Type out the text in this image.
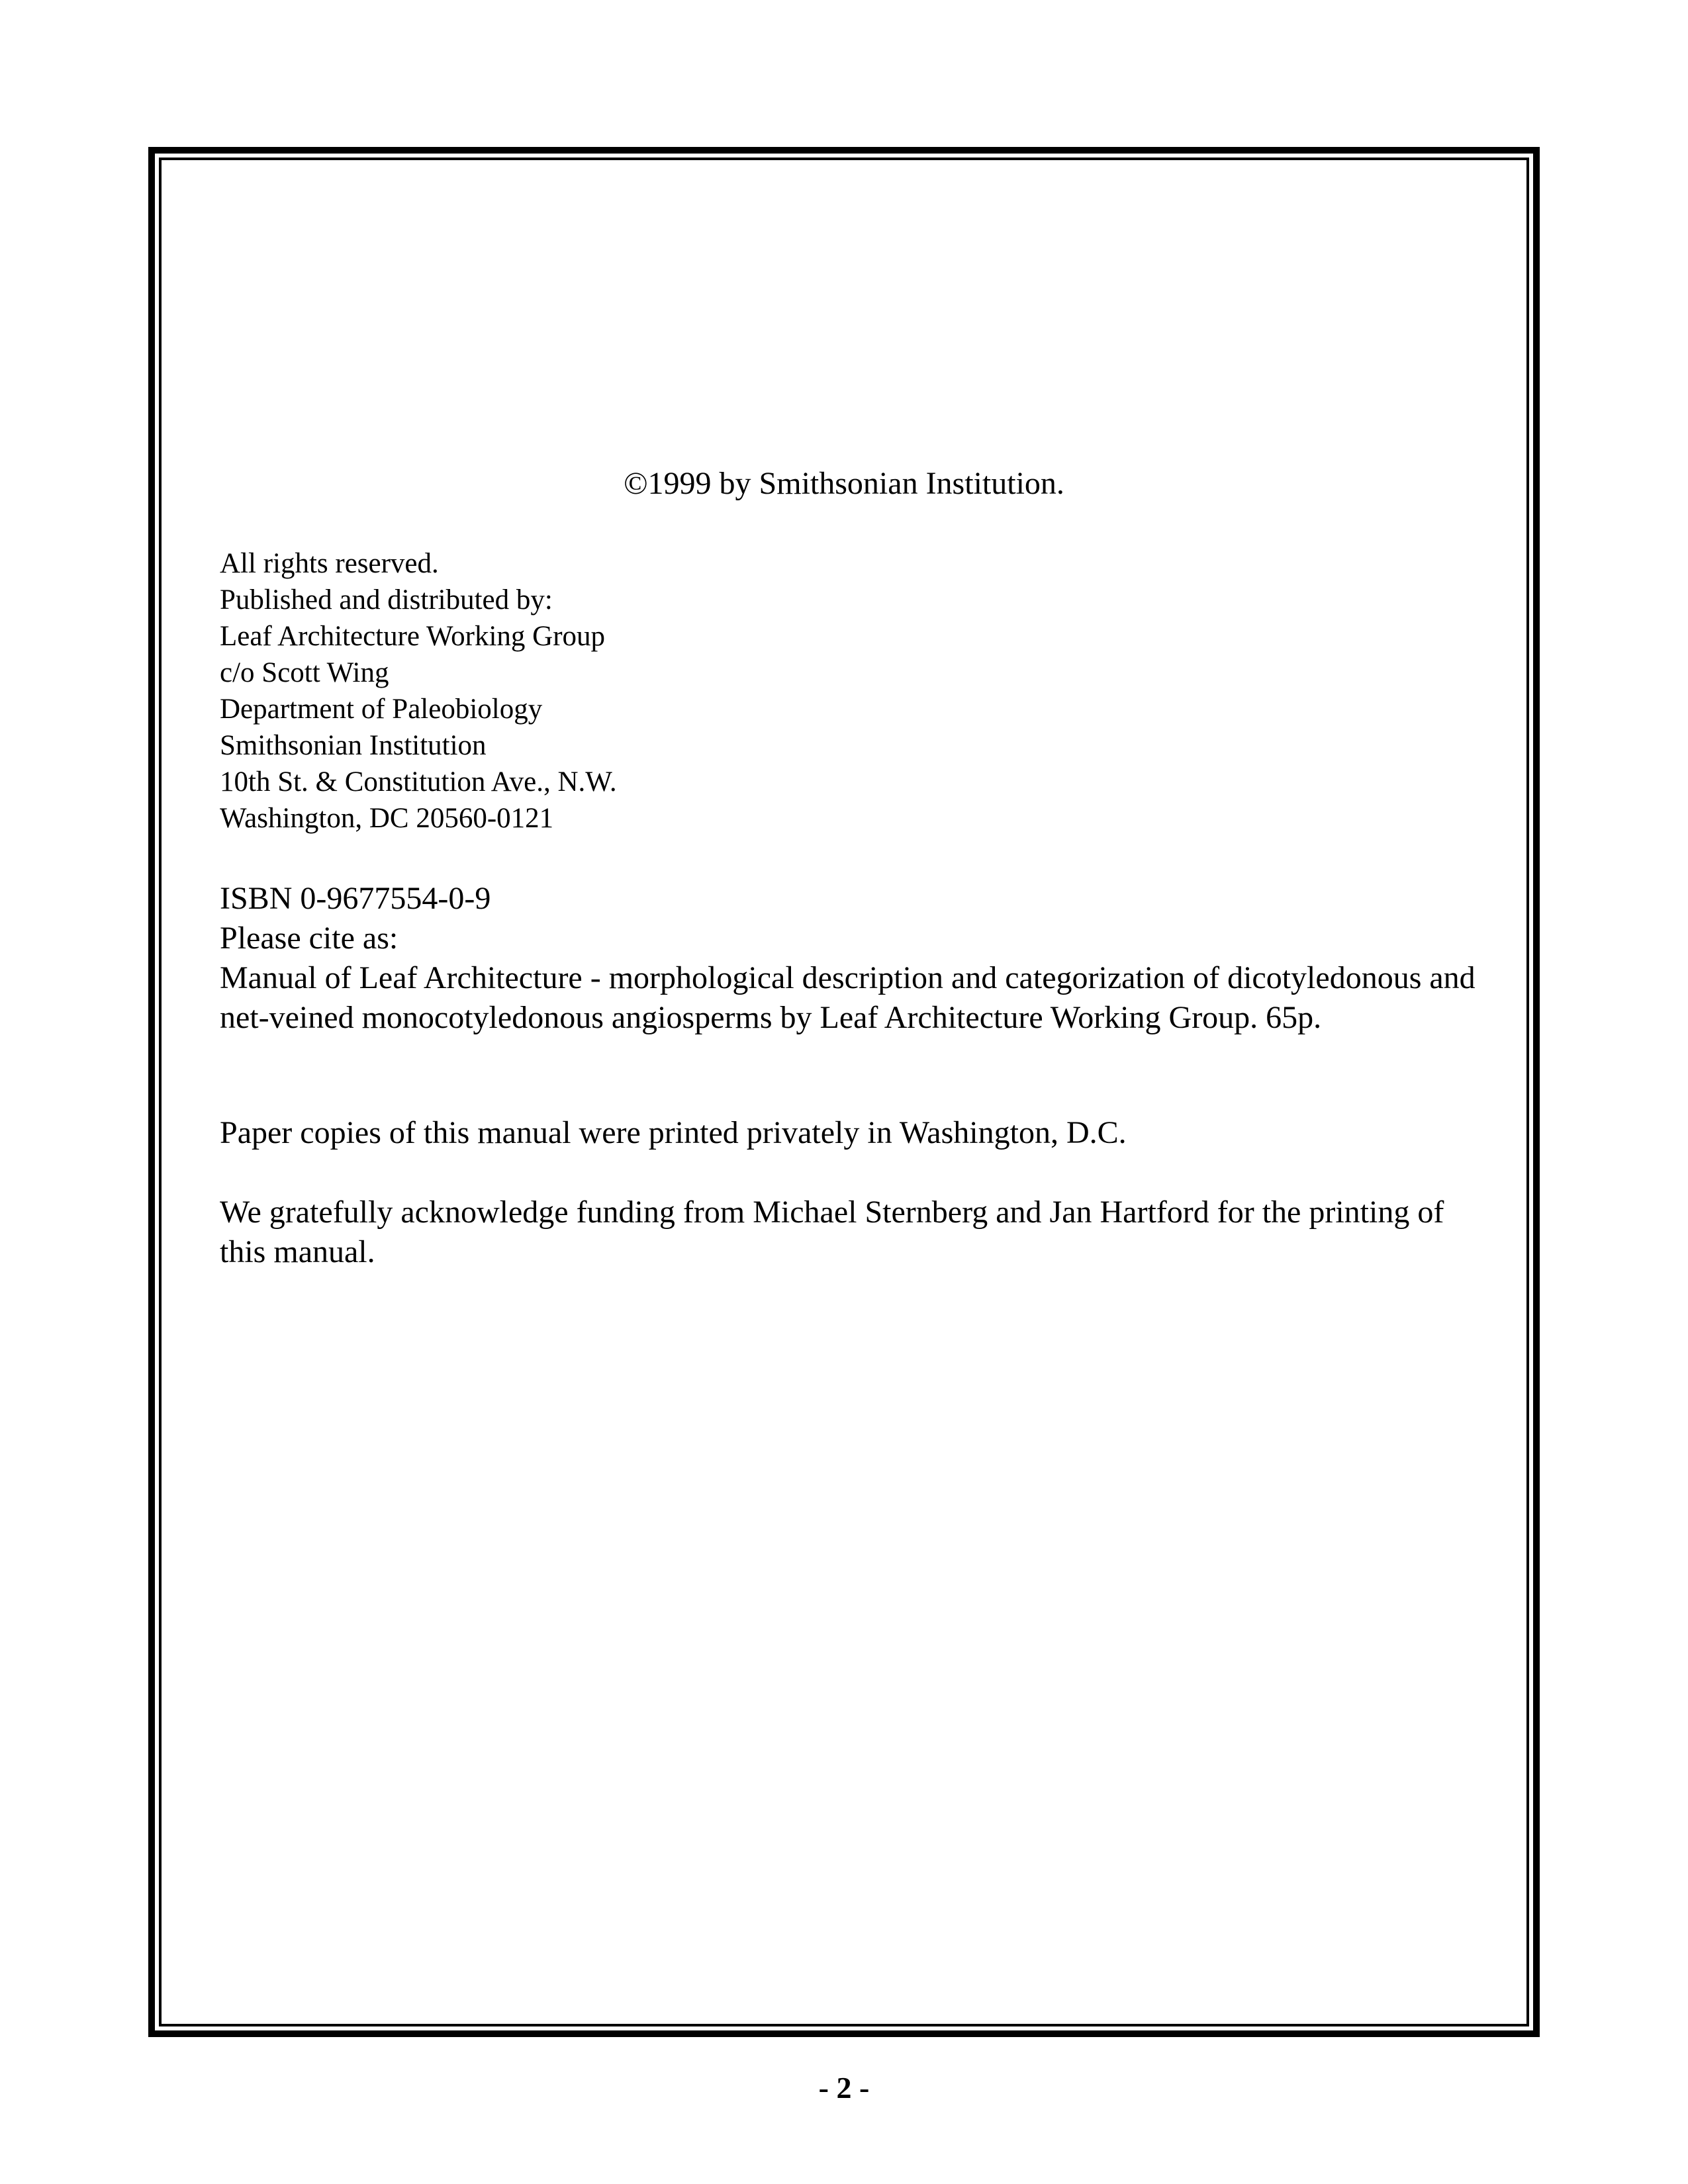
©1999 by Smithsonian Institution.
All rights reserved.
Published and distributed by:
Leaf Architecture Working Group
c/o Scott Wing
Department of Paleobiology
Smithsonian Institution
10th St. & Constitution Ave., N.W.
Washington, DC 20560-0121

ISBN 0-9677554-0-9

Please cite as:

Manual of Leaf Architecture - morphological description and categorization of dicotyledonous and net-veined monocotyledonous angiosperms by Leaf Architecture Working Group. 65p.

Paper copies of this manual were printed privately in Washington, D.C.

We gratefully acknowledge funding from Michael Sternberg and Jan Hartford for the printing of this manual.

- 2 -
